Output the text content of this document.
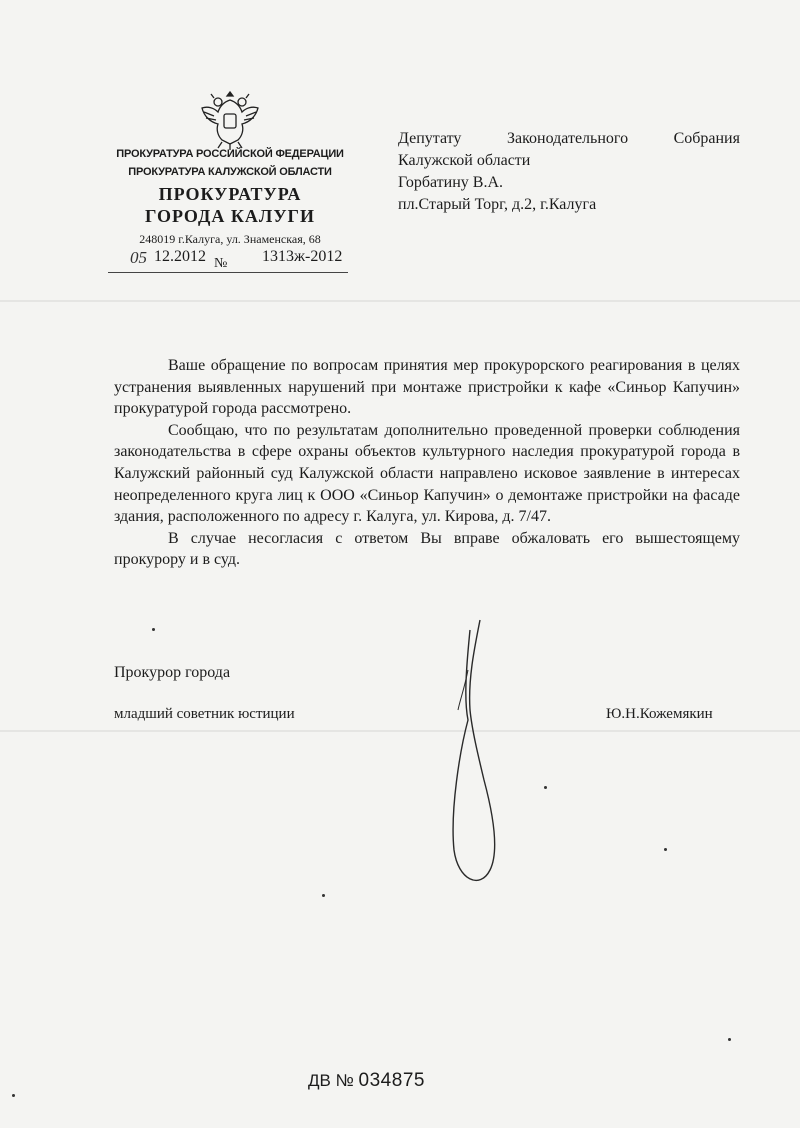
ПРОКУРАТУРА РОССИЙСКОЙ ФЕДЕРАЦИИ
ПРОКУРАТУРА КАЛУЖСКОЙ ОБЛАСТИ
ПРОКУРАТУРА
ГОРОДА КАЛУГИ
248019 г.Калуга, ул. Знаменская, 68
05 12.2012 № 1313ж-2012
Депутату	Законодательного	Собрания
Калужской области
Горбатину В.А.
пл.Старый Торг, д.2, г.Калуга

Ваше обращение по вопросам принятия мер прокурорского реагирования в целях устранения выявленных нарушений при монтаже пристройки к кафе «Синьор Капучин» прокуратурой города рассмотрено.

Сообщаю, что по результатам дополнительно проведенной проверки соблюдения законодательства в сфере охраны объектов культурного наследия прокуратурой города в Калужский районный суд Калужской области направлено исковое заявление в интересах неопределенного круга лиц к ООО «Синьор Капучин» о демонтаже пристройки на фасаде здания, расположенного по адресу г. Калуга, ул. Кирова, д. 7/47.

В случае несогласия с ответом Вы вправе обжаловать его вышестоящему прокурору и в суд.

Прокурор города
младший советник юстиции	Ю.Н.Кожемякин
ДВ № 034875
